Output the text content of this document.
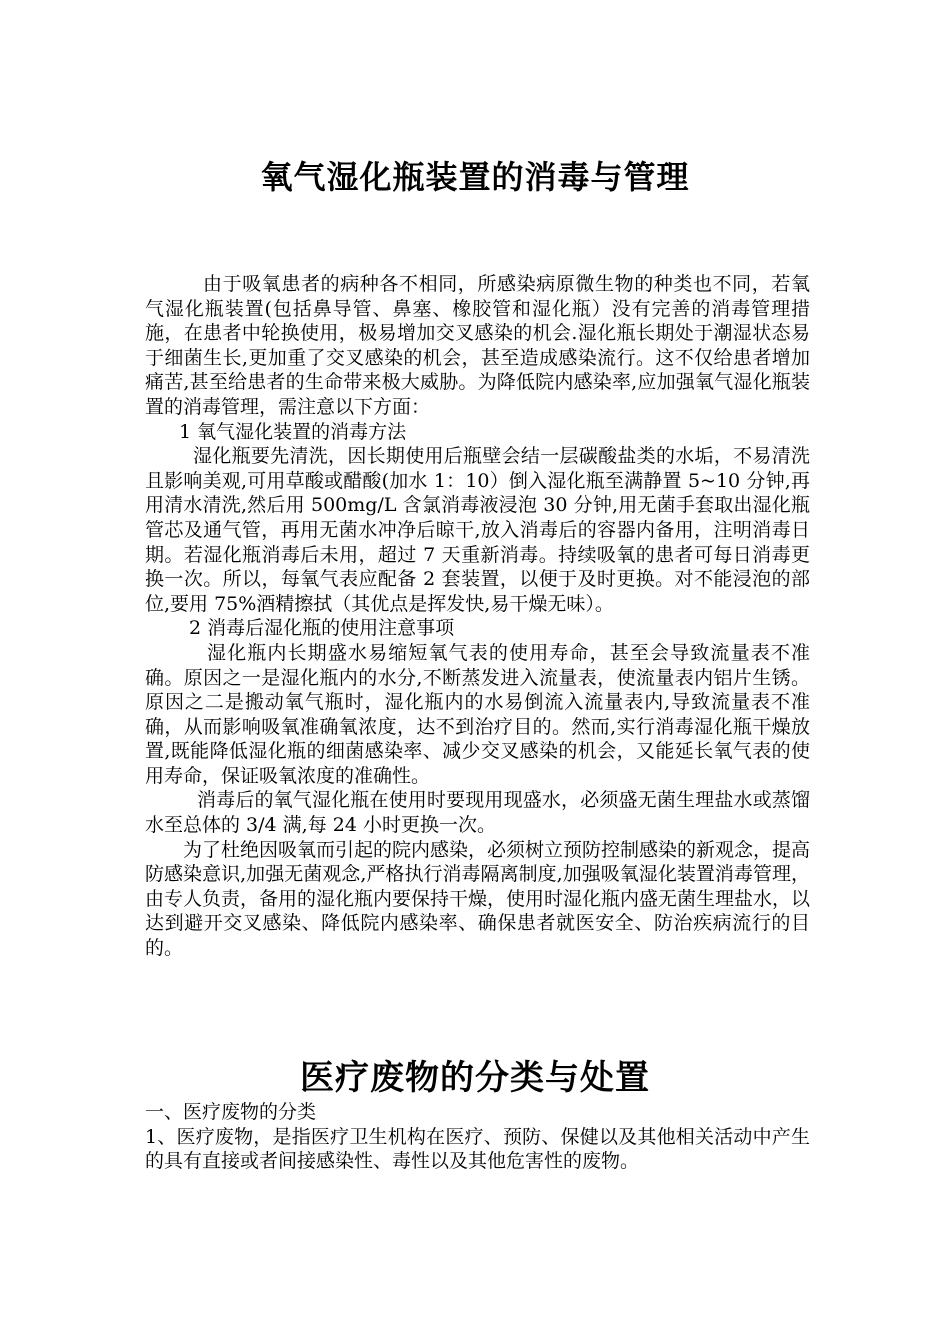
氧气湿化瓶装置的消毒与管理

由于吸氧患者的病种各不相同，所感染病原微生物的种类也不同，若氧气湿化瓶装置(包括鼻导管、鼻塞、橡胶管和湿化瓶）没有完善的消毒管理措施，在患者中轮换使用，极易增加交叉感染的机会.湿化瓶长期处于潮湿状态易于细菌生长,更加重了交叉感染的机会，甚至造成感染流行。这不仅给患者增加痛苦,甚至给患者的生命带来极大威胁。为降低院内感染率,应加强氧气湿化瓶装置的消毒管理，需注意以下方面：

1 氧气湿化装置的消毒方法

湿化瓶要先清洗，因长期使用后瓶壁会结一层碳酸盐类的水垢，不易清洗且影响美观,可用草酸或醋酸(加水 1：10）倒入湿化瓶至满静置 5~10 分钟,再用清水清洗,然后用 500mg/L 含氯消毒液浸泡 30 分钟,用无菌手套取出湿化瓶管芯及通气管，再用无菌水冲净后晾干,放入消毒后的容器内备用，注明消毒日期。若湿化瓶消毒后未用，超过 7 天重新消毒。持续吸氧的患者可每日消毒更换一次。所以，每氧气表应配备 2 套装置，以便于及时更换。对不能浸泡的部位,要用 75%酒精擦拭（其优点是挥发快,易干燥无味）。

2 消毒后湿化瓶的使用注意事项

湿化瓶内长期盛水易缩短氧气表的使用寿命，甚至会导致流量表不准确。原因之一是湿化瓶内的水分,不断蒸发进入流量表，使流量表内铝片生锈。原因之二是搬动氧气瓶时，湿化瓶内的水易倒流入流量表内,导致流量表不准确，从而影响吸氧准确氧浓度，达不到治疗目的。然而,实行消毒湿化瓶干燥放置,既能降低湿化瓶的细菌感染率、减少交叉感染的机会，又能延长氧气表的使用寿命，保证吸氧浓度的准确性。

消毒后的氧气湿化瓶在使用时要现用现盛水，必须盛无菌生理盐水或蒸馏水至总体的 3/4 满,每 24 小时更换一次。

为了杜绝因吸氧而引起的院内感染，必须树立预防控制感染的新观念，提高防感染意识,加强无菌观念,严格执行消毒隔离制度,加强吸氧湿化装置消毒管理，由专人负责，备用的湿化瓶内要保持干燥，使用时湿化瓶内盛无菌生理盐水，以达到避开交叉感染、降低院内感染率、确保患者就医安全、防治疾病流行的目的。

医疗废物的分类与处置

一、医疗废物的分类

1、医疗废物，是指医疗卫生机构在医疗、预防、保健以及其他相关活动中产生的具有直接或者间接感染性、毒性以及其他危害性的废物。
